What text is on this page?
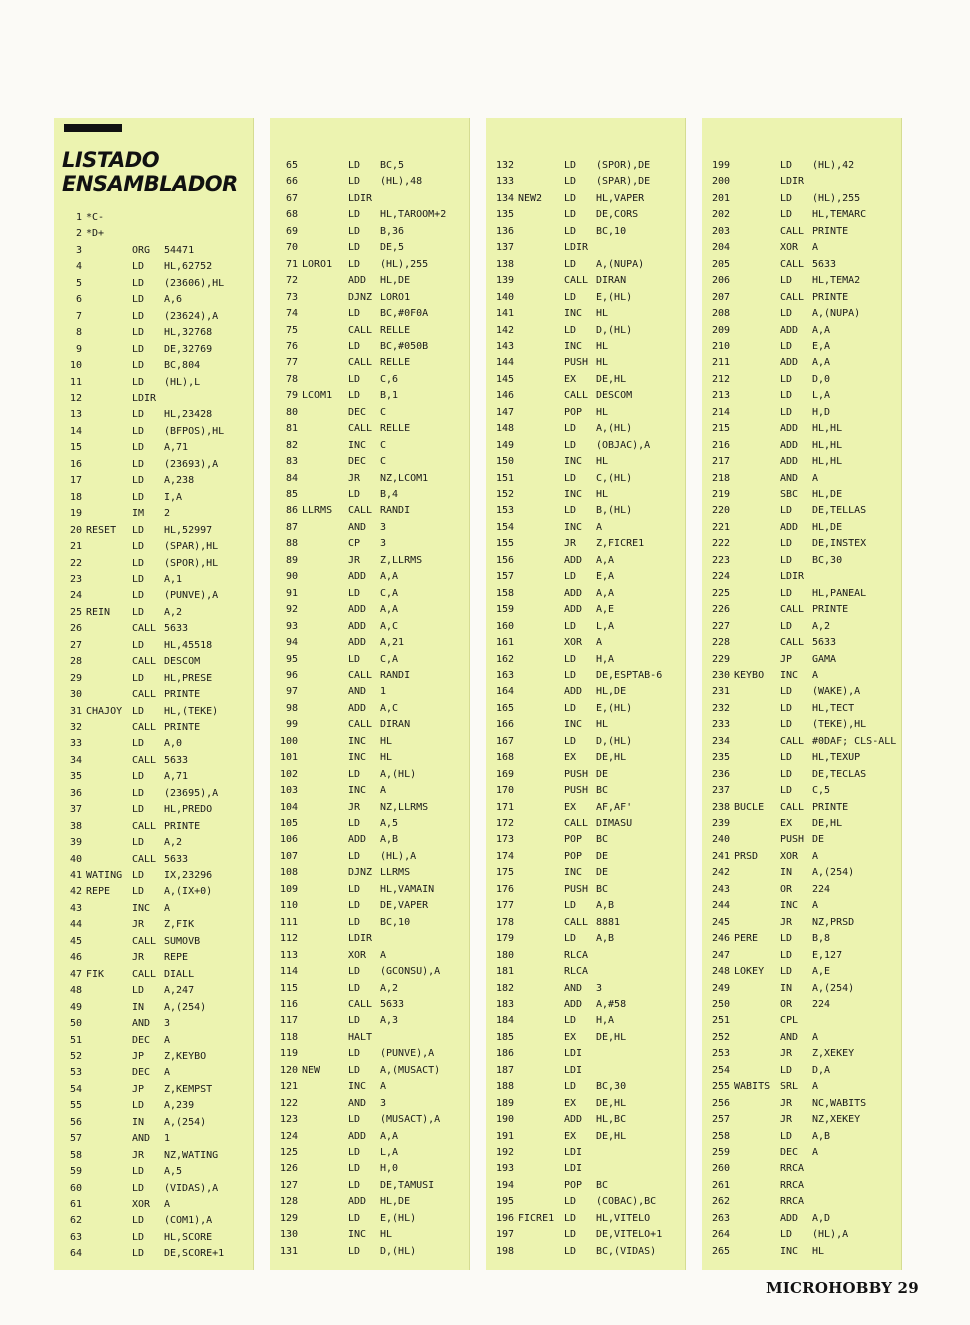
LISTADO
ENSAMBLADOR
1 *C-
2 *D+
3	ORG 54471
4	LD HL,62752
5	LD (23606),HL
6	LD A,6
7	LD (23624),A
8	LD HL,32768
9	LD DE,32769
10	LD BC,804
11	LD (HL),L
12	LDIR
13	LD HL,23428
14	LD (BFPOS),HL
15	LD A,71
16	LD (23693),A
17	LD A,238
18	LD I,A
19	IM 2
20 RESET LD HL,52997
21	LD (SPAR),HL
22	LD (SPOR),HL
23	LD A,1
24	LD (PUNVE),A
25 REIN LD A,2
26	CALL 5633
27	LD HL,45518
28	CALL DESCOM
29	LD HL,PRESE
30	CALL PRINTE
31 CHAJOY LD HL,(TEKE)
32	CALL PRINTE
33	LD A,0
34	CALL 5633
35	LD A,71
36	LD (23695),A
37	LD HL,PREDO
38	CALL PRINTE
39	LD A,2
40	CALL 5633
41 WATING LD IX,23296
42 REPE LD A,(IX+0)
43	INC A
44	JR Z,FIK
45	CALL SUMOVB
46	JR REPE
47 FIK	CALL DIALL
48	LD A,247
49	IN A,(254)
50	AND 3
51	DEC A
52	JP Z,KEYBO
53	DEC A
54	JP Z,KEMPST
55	LD A,239
56	IN A,(254)
57	AND 1
58	JR NZ,WATING
59	LD A,5
60	LD (VIDAS),A
61	XOR A
62	LD (COM1),A
63	LD HL,SCORE
64	LD DE,SCORE+1
65	LD BC,5
66	LD (HL),48
67	LDIR
68	LD HL,TAROOM+2
69	LD B,36
70	LD DE,5
71 LORO1 LD (HL),255
72	ADD HL,DE
73	DJNZ LORO1
74	LD BC,#0F0A
75	CALL RELLE
76	LD BC,#050B
77	CALL RELLE
78	LD C,6
79 LCOM1 LD B,1
80	DEC C
81	CALL RELLE
82	INC C
83	DEC C
84	JR NZ,LCOM1
85	LD B,4
86 LLRMS CALL RANDI
87	AND 3
88	CP 3
89	JR Z,LLRMS
90	ADD A,A
91	LD C,A
92	ADD A,A
93	ADD A,C
94	ADD A,21
95	LD C,A
96	CALL RANDI
97	AND 1
98	ADD A,C
99	CALL DIRAN
100	INC HL
101	INC HL
102	LD A,(HL)
103	INC A
104	JR NZ,LLRMS
105	LD A,5
106	ADD A,B
107	LD (HL),A
108	DJNZ LLRMS
109	LD HL,VAMAIN
110	LD DE,VAPER
111	LD BC,10
112	LDIR
113	XOR A
114	LD (GCONSU),A
115	LD A,2
116	CALL 5633
117	LD A,3
118	HALT
119	LD (PUNVE),A
120 NEW	LD A,(MUSACT)
121	INC A
122	AND 3
123	LD (MUSACT),A
124	ADD A,A
125	LD L,A
126	LD H,0
127	LD DE,TAMUSI
128	ADD HL,DE
129	LD E,(HL)
130	INC HL
131	LD D,(HL)
132	LD (SPOR),DE
133	LD (SPAR),DE
134 NEW2 LD HL,VAPER
135	LD DE,CORS
136	LD BC,10
137	LDIR
138	LD A,(NUPA)
139	CALL DIRAN
140	LD E,(HL)
141	INC HL
142	LD D,(HL)
143	INC HL
144	PUSH HL
145	EX DE,HL
146	CALL DESCOM
147	POP HL
148	LD A,(HL)
149	LD (OBJAC),A
150	INC HL
151	LD C,(HL)
152	INC HL
153	LD B,(HL)
154	INC A
155	JR Z,FICRE1
156	ADD A,A
157	LD E,A
158	ADD A,A
159	ADD A,E
160	LD L,A
161	XOR A
162	LD H,A
163	LD DE,ESPTAB-6
164	ADD HL,DE
165	LD E,(HL)
166	INC HL
167	LD D,(HL)
168	EX DE,HL
169	PUSH DE
170	PUSH BC
171	EX AF,AF'
172	CALL DIMASU
173	POP BC
174	POP DE
175	INC DE
176	PUSH BC
177	LD A,B
178	CALL 8881
179	LD A,B
180	RLCA
181	RLCA
182	AND 3
183	ADD A,#58
184	LD H,A
185	EX DE,HL
186	LDI
187	LDI
188	LD BC,30
189	EX DE,HL
190	ADD HL,BC
191	EX DE,HL
192	LDI
193	LDI
194	POP BC
195	LD (COBAC),BC
196 FICRE1 LD HL,VITELO
197	LD DE,VITELO+1
198	LD BC,(VIDAS)
199	LD (HL),42
200	LDIR
201	LD (HL),255
202	LD HL,TEMARC
203	CALL PRINTE
204	XOR A
205	CALL 5633
206	LD HL,TEMA2
207	CALL PRINTE
208	LD A,(NUPA)
209	ADD A,A
210	LD E,A
211	ADD A,A
212	LD D,0
213	LD L,A
214	LD H,D
215	ADD HL,HL
216	ADD HL,HL
217	ADD HL,HL
218	AND A
219	SBC HL,DE
220	LD DE,TELLAS
221	ADD HL,DE
222	LD DE,INSTEX
223	LD BC,30
224	LDIR
225	LD HL,PANEAL
226	CALL PRINTE
227	LD A,2
228	CALL 5633
229	JP GAMA
230 KEYBO INC A
231	LD (WAKE),A
232	LD HL,TECT
233	LD (TEKE),HL
234	CALL #0DAF; CLS-ALL
235	LD HL,TEXUP
236	LD DE,TECLAS
237	LD C,5
238 BUCLE CALL PRINTE
239	EX DE,HL
240	PUSH DE
241 PRSD XOR A
242	IN A,(254)
243	OR 224
244	INC A
245	JR NZ,PRSD
246 PERE LD B,8
247	LD E,127
248 LOKEY LD A,E
249	IN A,(254)
250	OR 224
251	CPL
252	AND A
253	JR Z,XEKEY
254	LD D,A
255 WABITS SRL A
256	JR NC,WABITS
257	JR NZ,XEKEY
258	LD A,B
259	DEC A
260	RRCA
261	RRCA
262	RRCA
263	ADD A,D
264	LD (HL),A
265	INC HL
MICROHOBBY 29
